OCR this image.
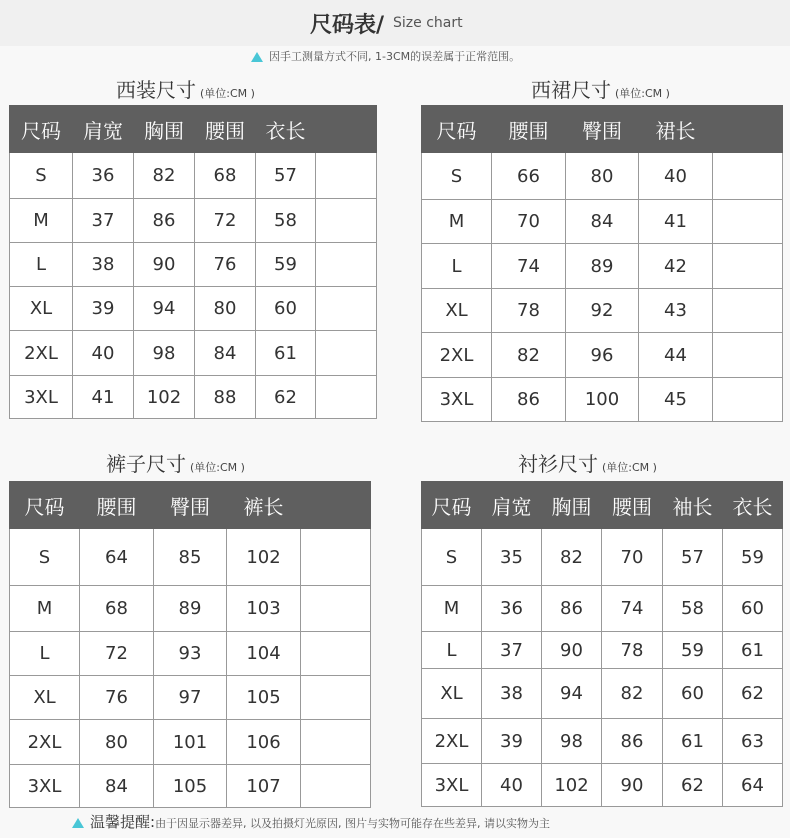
尺码表/ Size chart
因手工测量方式不同, 1-3CM的误差属于正常范围。
西装尺寸 (单位:CM )
尺码	肩宽	胸围	腰围	衣长	
S	36	82	68	57	
M	37	86	72	58	
L	38	90	76	59	
XL	39	94	80	60	
2XL	40	98	84	61	
3XL	41	102	88	62	
西裙尺寸 (单位:CM )
尺码	腰围	臀围	裙长	
S	66	80	40	
M	70	84	41	
L	74	89	42	
XL	78	92	43	
2XL	82	96	44	
3XL	86	100	45	
裤子尺寸 (单位:CM )
尺码	腰围	臀围	裤长	
S	64	85	102	
M	68	89	103	
L	72	93	104	
XL	76	97	105	
2XL	80	101	106	
3XL	84	105	107	
衬衫尺寸 (单位:CM )
尺码	肩宽	胸围	腰围	袖长	衣长
S	35	82	70	57	59
M	36	86	74	58	60
L	37	90	78	59	61
XL	38	94	82	60	62
2XL	39	98	86	61	63
3XL	40	102	90	62	64
温馨提醒:由于因显示器差异, 以及拍摄灯光原因, 图片与实物可能存在些差异, 请以实物为主
